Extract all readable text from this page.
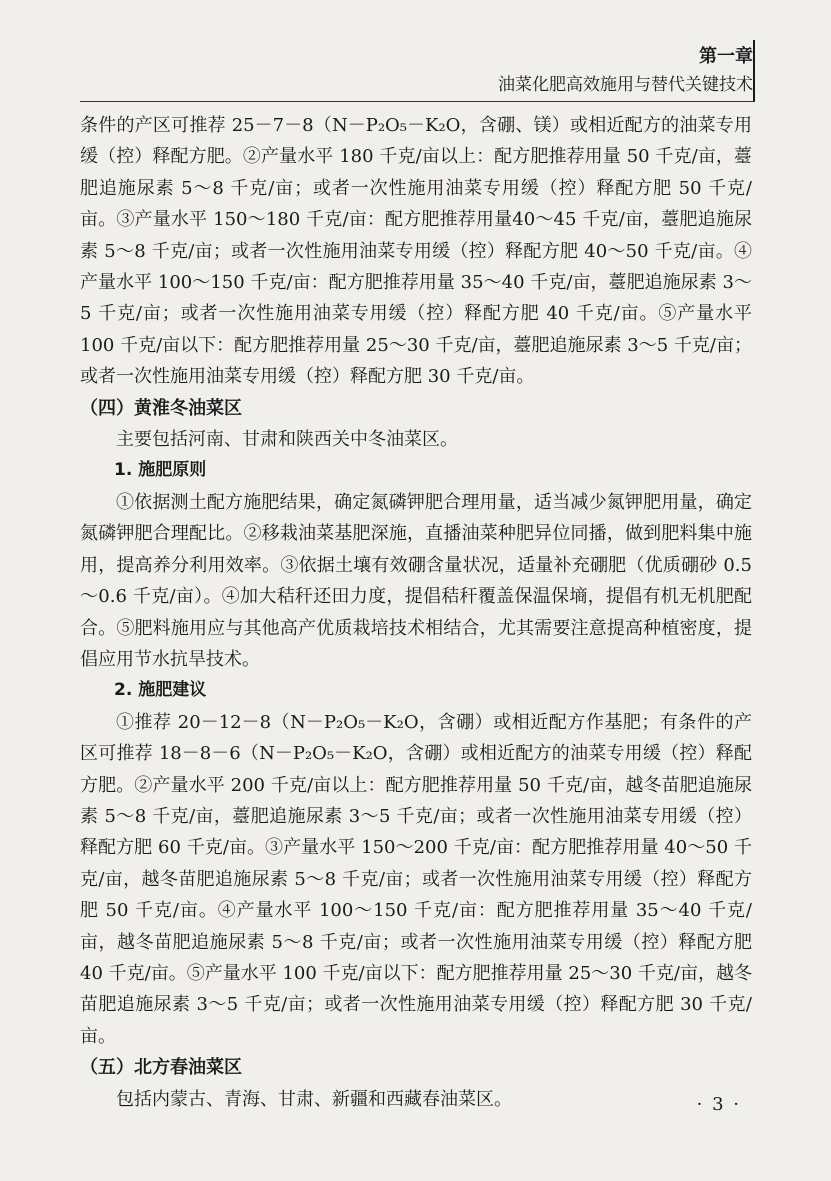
第一章
油菜化肥高效施用与替代关键技术

条件的产区可推荐 25－7－8（N－P₂O₅－K₂O，含硼、镁）或相近配方的油菜专用缓（控）释配方肥。②产量水平 180 千克/亩以上：配方肥推荐用量 50 千克/亩，薹肥追施尿素 5～8 千克/亩；或者一次性施用油菜专用缓（控）释配方肥 50 千克/亩。③产量水平 150～180 千克/亩：配方肥推荐用量40～45 千克/亩，薹肥追施尿素 5～8 千克/亩；或者一次性施用油菜专用缓（控）释配方肥 40～50 千克/亩。④产量水平 100～150 千克/亩：配方肥推荐用量 35～40 千克/亩，薹肥追施尿素 3～5 千克/亩；或者一次性施用油菜专用缓（控）释配方肥 40 千克/亩。⑤产量水平 100 千克/亩以下：配方肥推荐用量 25～30 千克/亩，薹肥追施尿素 3～5 千克/亩；或者一次性施用油菜专用缓（控）释配方肥 30 千克/亩。

（四）黄淮冬油菜区

主要包括河南、甘肃和陕西关中冬油菜区。

1. 施肥原则

①依据测土配方施肥结果，确定氮磷钾肥合理用量，适当减少氮钾肥用量，确定氮磷钾肥合理配比。②移栽油菜基肥深施，直播油菜种肥异位同播，做到肥料集中施用，提高养分利用效率。③依据土壤有效硼含量状况，适量补充硼肥（优质硼砂 0.5～0.6 千克/亩）。④加大秸秆还田力度，提倡秸秆覆盖保温保墒，提倡有机无机肥配合。⑤肥料施用应与其他高产优质栽培技术相结合，尤其需要注意提高种植密度，提倡应用节水抗旱技术。

2. 施肥建议

①推荐 20－12－8（N－P₂O₅－K₂O，含硼）或相近配方作基肥；有条件的产区可推荐 18－8－6（N－P₂O₅－K₂O，含硼）或相近配方的油菜专用缓（控）释配方肥。②产量水平 200 千克/亩以上：配方肥推荐用量 50 千克/亩，越冬苗肥追施尿素 5～8 千克/亩，薹肥追施尿素 3～5 千克/亩；或者一次性施用油菜专用缓（控）释配方肥 60 千克/亩。③产量水平 150～200 千克/亩：配方肥推荐用量 40～50 千克/亩，越冬苗肥追施尿素 5～8 千克/亩；或者一次性施用油菜专用缓（控）释配方肥 50 千克/亩。④产量水平 100～150 千克/亩：配方肥推荐用量 35～40 千克/亩，越冬苗肥追施尿素 5～8 千克/亩；或者一次性施用油菜专用缓（控）释配方肥 40 千克/亩。⑤产量水平 100 千克/亩以下：配方肥推荐用量 25～30 千克/亩，越冬苗肥追施尿素 3～5 千克/亩；或者一次性施用油菜专用缓（控）释配方肥 30 千克/亩。

（五）北方春油菜区

包括内蒙古、青海、甘肃、新疆和西藏春油菜区。	· 3 ·
